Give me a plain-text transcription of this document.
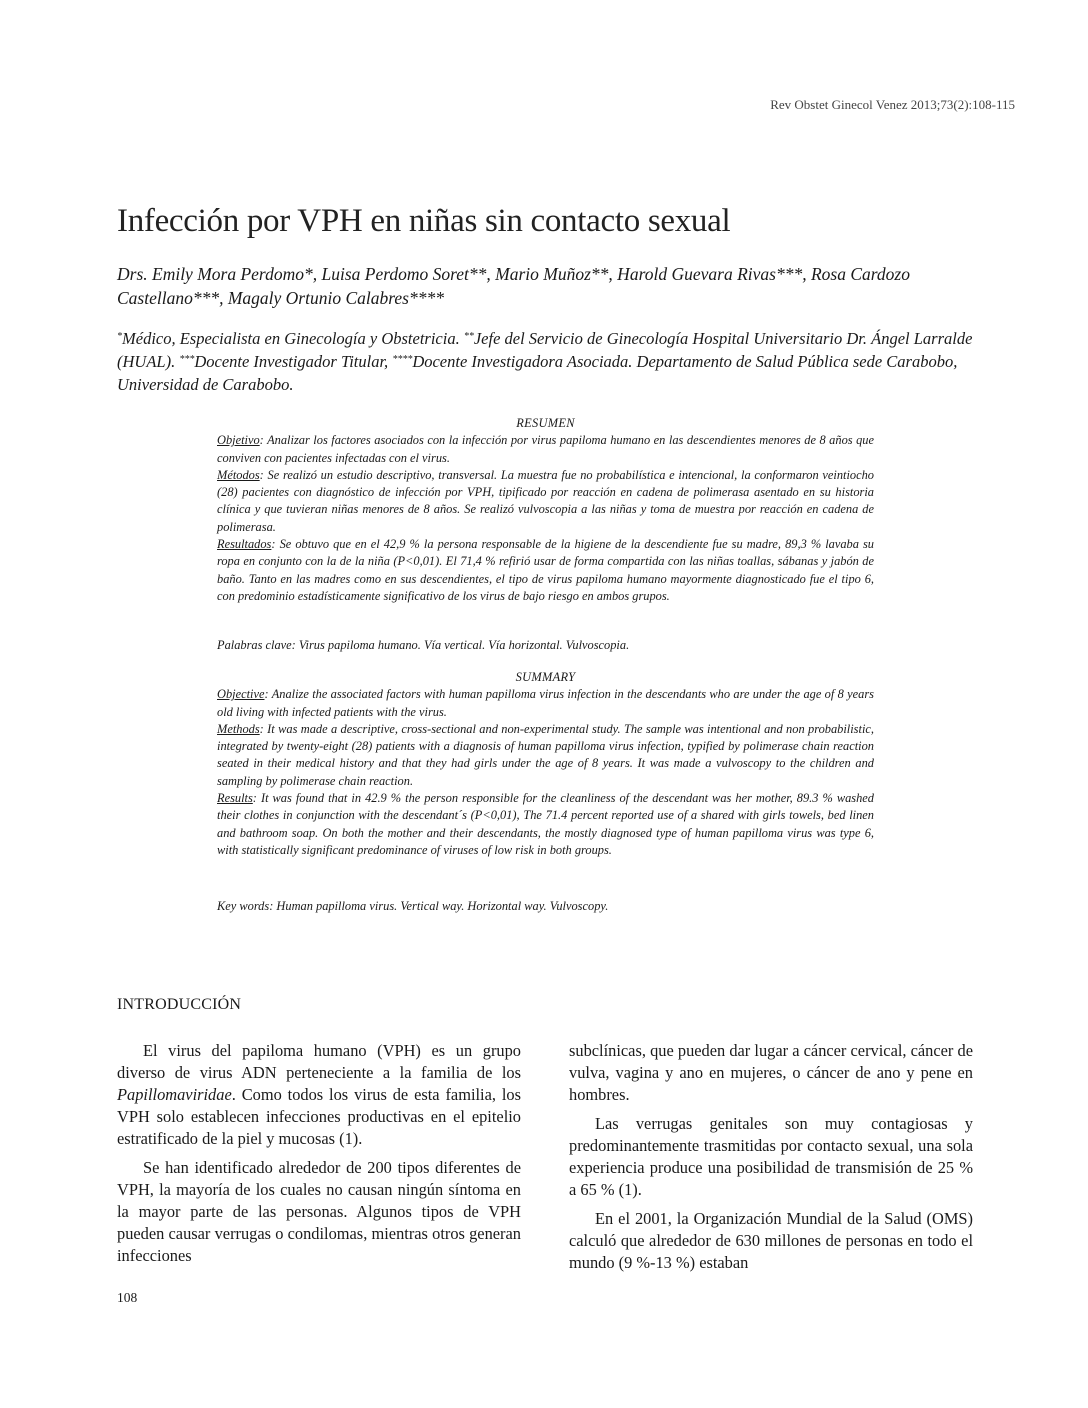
Rev Obstet Ginecol Venez 2013;73(2):108-115
Infección por VPH en niñas sin contacto sexual
Drs. Emily Mora Perdomo*, Luisa Perdomo Soret**, Mario Muñoz**, Harold Guevara Rivas***, Rosa Cardozo Castellano***, Magaly Ortunio Calabres****
*Médico, Especialista en Ginecología y Obstetricia. **Jefe del Servicio de Ginecología Hospital Universitario Dr. Ángel Larralde (HUAL). ***Docente Investigador Titular, ****Docente Investigadora Asociada. Departamento de Salud Pública sede Carabobo, Universidad de Carabobo.

RESUMEN

Objetivo: Analizar los factores asociados con la infección por virus papiloma humano en las descendientes menores de 8 años que conviven con pacientes infectadas con el virus.

Métodos: Se realizó un estudio descriptivo, transversal. La muestra fue no probabilística e intencional, la conformaron veintiocho (28) pacientes con diagnóstico de infección por VPH, tipificado por reacción en cadena de polimerasa asentado en su historia clínica y que tuvieran niñas menores de 8 años. Se realizó vulvoscopia a las niñas y toma de muestra por reacción en cadena de polimerasa.

Resultados: Se obtuvo que en el 42,9 % la persona responsable de la higiene de la descendiente fue su madre, 89,3 % lavaba su ropa en conjunto con la de la niña (P<0,01). El 71,4 % refirió usar de forma compartida con las niñas toallas, sábanas y jabón de baño. Tanto en las madres como en sus descendientes, el tipo de virus papiloma humano mayormente diagnosticado fue el tipo 6, con predominio estadísticamente significativo de los virus de bajo riesgo en ambos grupos.

Palabras clave: Virus papiloma humano. Vía vertical. Vía horizontal. Vulvoscopia.

SUMMARY

Objective: Analize the associated factors with human papilloma virus infection in the descendants who are under the age of 8 years old living with infected patients with the virus.

Methods: It was made a descriptive, cross-sectional and non-experimental study. The sample was intentional and non probabilistic, integrated by twenty-eight (28) patients with a diagnosis of human papilloma virus infection, typified by polimerase chain reaction seated in their medical history and that they had girls under the age of 8 years. It was made a vulvoscopy to the children and sampling by polimerase chain reaction.

Results: It was found that in 42.9 % the person responsible for the cleanliness of the descendant was her mother, 89.3 % washed their clothes in conjunction with the descendant´s (P<0,01), The 71.4 percent reported use of a shared with girls towels, bed linen and bathroom soap. On both the mother and their descendants, the mostly diagnosed type of human papilloma virus was type 6, with statistically significant predominance of viruses of low risk in both groups.

Key words: Human papilloma virus. Vertical way. Horizontal way. Vulvoscopy.
INTRODUCCIÓN

El virus del papiloma humano (VPH) es un grupo diverso de virus ADN perteneciente a la familia de los Papillomaviridae. Como todos los virus de esta familia, los VPH solo establecen infecciones productivas en el epitelio estratificado de la piel y mucosas (1).

Se han identificado alrededor de 200 tipos diferentes de VPH, la mayoría de los cuales no causan ningún síntoma en la mayor parte de las personas. Algunos tipos de VPH pueden causar verrugas o condilomas, mientras otros generan infecciones

subclínicas, que pueden dar lugar a cáncer cervical, cáncer de vulva, vagina y ano en mujeres, o cáncer de ano y pene en hombres.

Las verrugas genitales son muy contagiosas y predominantemente trasmitidas por contacto sexual, una sola experiencia produce una posibilidad de transmisión de 25 % a 65 % (1).

En el 2001, la Organización Mundial de la Salud (OMS) calculó que alrededor de 630 millones de personas en todo el mundo (9 %-13 %) estaban

108
